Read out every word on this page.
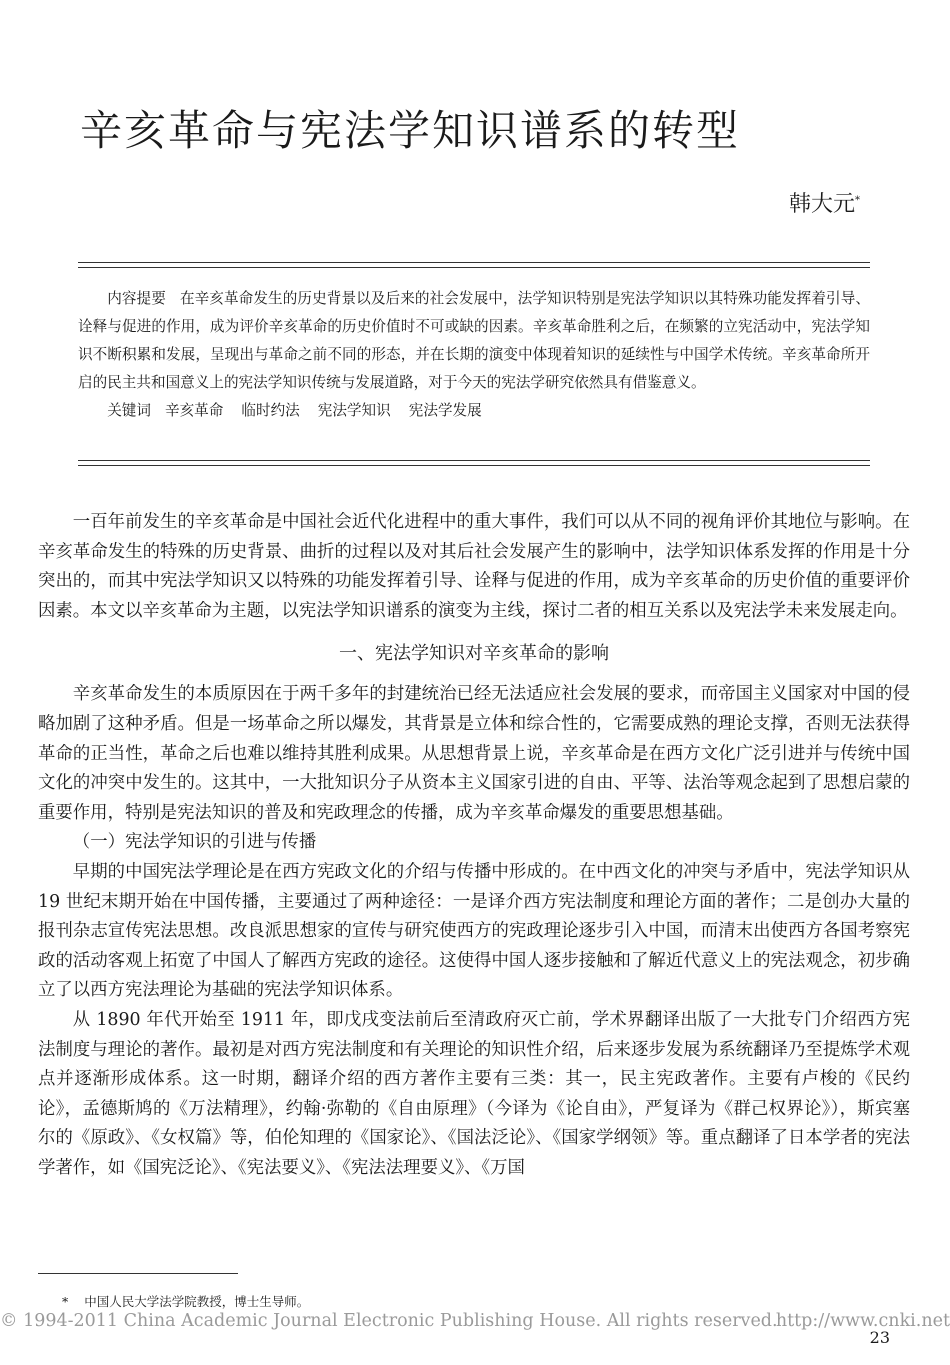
辛亥革命与宪法学知识谱系的转型
韩大元*

内容提要 在辛亥革命发生的历史背景以及后来的社会发展中，法学知识特别是宪法学知识以其特殊功能发挥着引导、诠释与促进的作用，成为评价辛亥革命的历史价值时不可或缺的因素。辛亥革命胜利之后，在频繁的立宪活动中，宪法学知识不断积累和发展，呈现出与革命之前不同的形态，并在长期的演变中体现着知识的延续性与中国学术传统。辛亥革命所开启的民主共和国意义上的宪法学知识传统与发展道路，对于今天的宪法学研究依然具有借鉴意义。

关键词 辛亥革命 临时约法 宪法学知识 宪法学发展

一百年前发生的辛亥革命是中国社会近代化进程中的重大事件，我们可以从不同的视角评价其地位与影响。在辛亥革命发生的特殊的历史背景、曲折的过程以及对其后社会发展产生的影响中，法学知识体系发挥的作用是十分突出的，而其中宪法学知识又以特殊的功能发挥着引导、诠释与促进的作用，成为辛亥革命的历史价值的重要评价因素。本文以辛亥革命为主题，以宪法学知识谱系的演变为主线，探讨二者的相互关系以及宪法学未来发展走向。

一、宪法学知识对辛亥革命的影响

辛亥革命发生的本质原因在于两千多年的封建统治已经无法适应社会发展的要求，而帝国主义国家对中国的侵略加剧了这种矛盾。但是一场革命之所以爆发，其背景是立体和综合性的，它需要成熟的理论支撑，否则无法获得革命的正当性，革命之后也难以维持其胜利成果。从思想背景上说，辛亥革命是在西方文化广泛引进并与传统中国文化的冲突中发生的。这其中，一大批知识分子从资本主义国家引进的自由、平等、法治等观念起到了思想启蒙的重要作用，特别是宪法知识的普及和宪政理念的传播，成为辛亥革命爆发的重要思想基础。

（一）宪法学知识的引进与传播

早期的中国宪法学理论是在西方宪政文化的介绍与传播中形成的。在中西文化的冲突与矛盾中，宪法学知识从 19 世纪末期开始在中国传播，主要通过了两种途径：一是译介西方宪法制度和理论方面的著作；二是创办大量的报刊杂志宣传宪法思想。改良派思想家的宣传与研究使西方的宪政理论逐步引入中国，而清末出使西方各国考察宪政的活动客观上拓宽了中国人了解西方宪政的途径。这使得中国人逐步接触和了解近代意义上的宪法观念，初步确立了以西方宪法理论为基础的宪法学知识体系。

从 1890 年代开始至 1911 年，即戊戌变法前后至清政府灭亡前，学术界翻译出版了一大批专门介绍西方宪法制度与理论的著作。最初是对西方宪法制度和有关理论的知识性介绍，后来逐步发展为系统翻译乃至提炼学术观点并逐渐形成体系。这一时期，翻译介绍的西方著作主要有三类：其一，民主宪政著作。主要有卢梭的《民约论》，孟德斯鸠的《万法精理》，约翰·弥勒的《自由原理》（今译为《论自由》，严复译为《群己权界论》），斯宾塞尔的《原政》、《女权篇》等，伯伦知理的《国家论》、《国法泛论》、《国家学纲领》等。重点翻译了日本学者的宪法学著作，如《国宪泛论》、《宪法要义》、《宪法法理要义》、《万国

* 中国人民大学法学院教授，博士生导师。
© 1994-2011 China Academic Journal Electronic Publishing House. All rights reserved.
http://www.cnki.net
23
